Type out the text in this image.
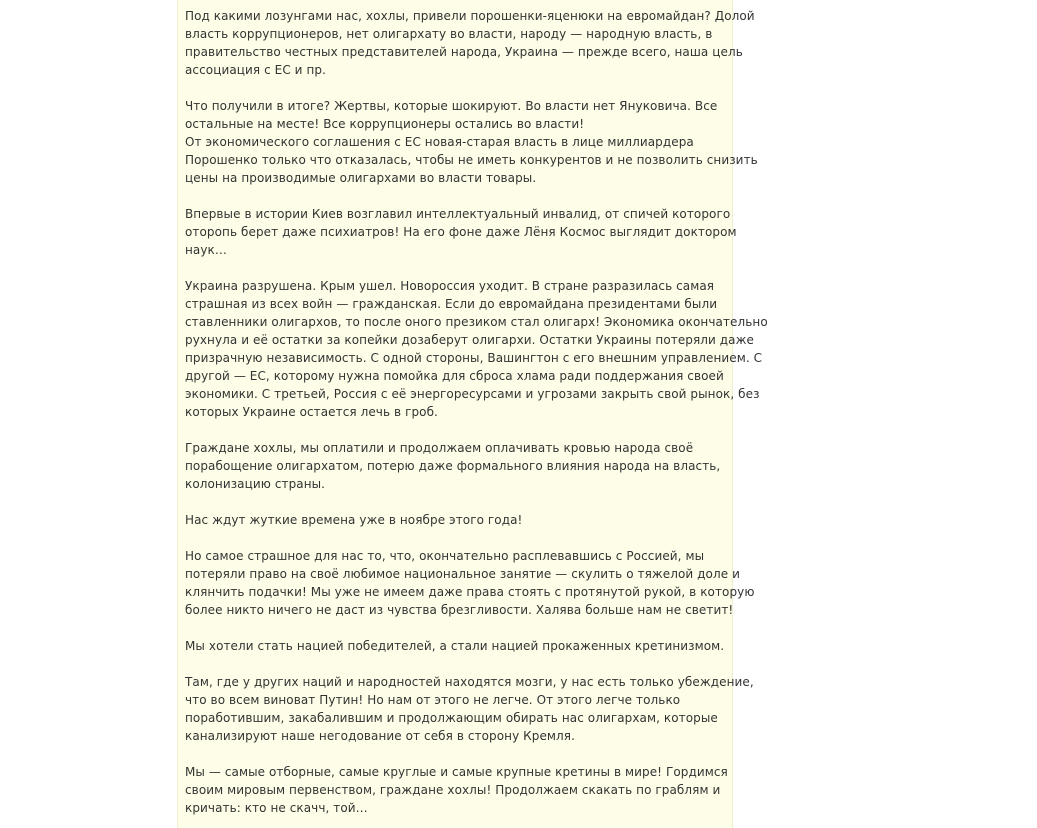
Под какими лозунгами нас, хохлы, привели порошенки-яценюки на евромайдан? Долой
власть коррупционеров, нет олигархату во власти, народу — народную власть, в
правительство честных представителей народа, Украина — прежде всего, наша цель
ассоциация с ЕС и пр.

Что получили в итоге? Жертвы, которые шокируют. Во власти нет Януковича. Все
остальные на месте! Все коррупционеры остались во власти!
От экономического соглашения с ЕС новая-старая власть в лице миллиардера
Порошенко только что отказалась, чтобы не иметь конкурентов и не позволить снизить
цены на производимые олигархами во власти товары.

Впервые в истории Киев возглавил интеллектуальный инвалид, от спичей которого
оторопь берет даже психиатров! На его фоне даже Лёня Космос выглядит доктором
наук…

Украина разрушена. Крым ушел. Новороссия уходит. В стране разразилась самая
страшная из всех войн — гражданская. Если до евромайдана президентами были
ставленники олигархов, то после оного презиком стал олигарх! Экономика окончательно
рухнула и её остатки за копейки дозаберут олигархи. Остатки Украины потеряли даже
призрачную независимость. С одной стороны, Вашингтон с его внешним управлением. С
другой — ЕС, которому нужна помойка для сброса хлама ради поддержания своей
экономики. С третьей, Россия с её энергоресурсами и угрозами закрыть свой рынок, без
которых Украине остается лечь в гроб.

Граждане хохлы, мы оплатили и продолжаем оплачивать кровью народа своё
порабощение олигархатом, потерю даже формального влияния народа на власть,
колонизацию страны.

Нас ждут жуткие времена уже в ноябре этого года!

Но самое страшное для нас то, что, окончательно расплевавшись с Россией, мы
потеряли право на своё любимое национальное занятие — скулить о тяжелой доле и
клянчить подачки! Мы уже не имеем даже права стоять с протянутой рукой, в которую
более никто ничего не даст из чувства брезгливости. Халява больше нам не светит!

Мы хотели стать нацией победителей, а стали нацией прокаженных кретинизмом.

Там, где у других наций и народностей находятся мозги, у нас есть только убеждение,
что во всем виноват Путин! Но нам от этого не легче. От этого легче только
поработившим, закабалившим и продолжающим обирать нас олигархам, которые
канализируют наше негодование от себя в сторону Кремля.

Мы — самые отборные, самые круглые и самые крупные кретины в мире! Гордимся
своим мировым первенством, граждане хохлы! Продолжаем скакать по граблям и
кричать: кто не скачч, той…
